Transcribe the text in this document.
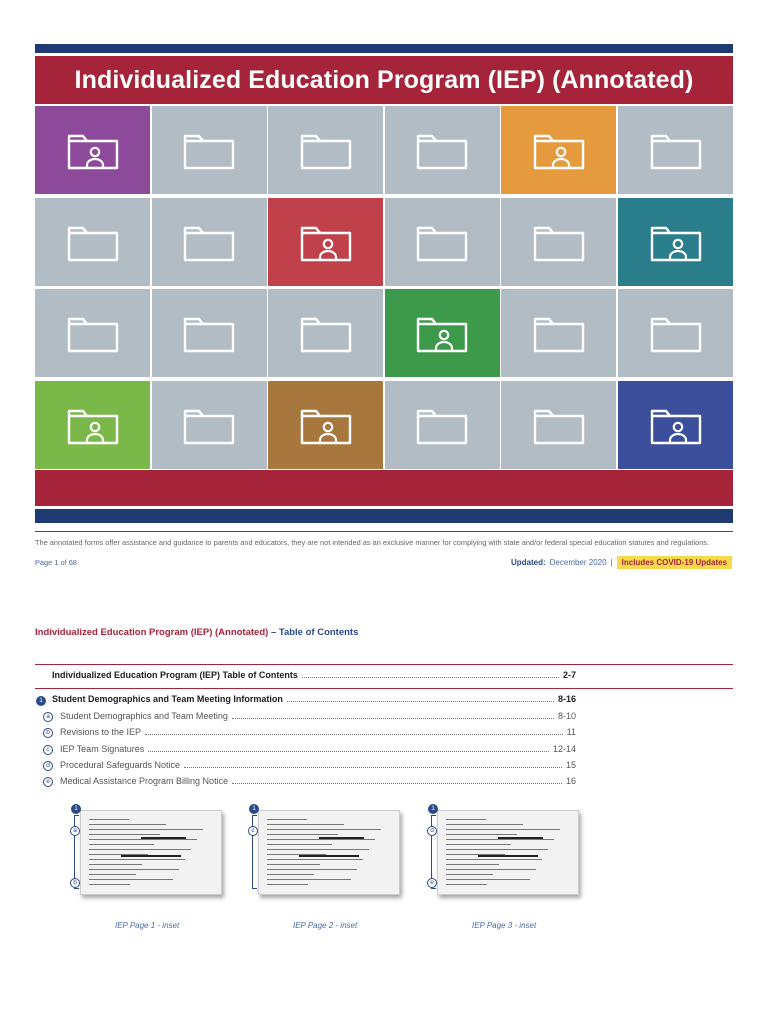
Individualized Education Program (IEP) (Annotated)
The annotated forms offer assistance and guidance to parents and educators, they are not intended as an exclusive manner for complying with state and/or federal special education statutes and regulations.
Page 1 of 68	Updated: December 2020 |	Includes COVID-19 Updates
Individualized Education Program (IEP) (Annotated) – Table of Contents
Individualized Education Program (IEP) Table of Contents	2-7
1	Student Demographics and Team Meeting Information	8-16
a	Student Demographics and Team Meeting	8-10
b	Revisions to the IEP	11
c	IEP Team Signatures	12-14
d	Procedural Safeguards Notice	15
e	Medical Assistance Program Billing Notice	16
1
a
b
IEP Page 1 - inset
1
c
IEP Page 2 - inset
1
d
e
IEP Page 3 - inset
